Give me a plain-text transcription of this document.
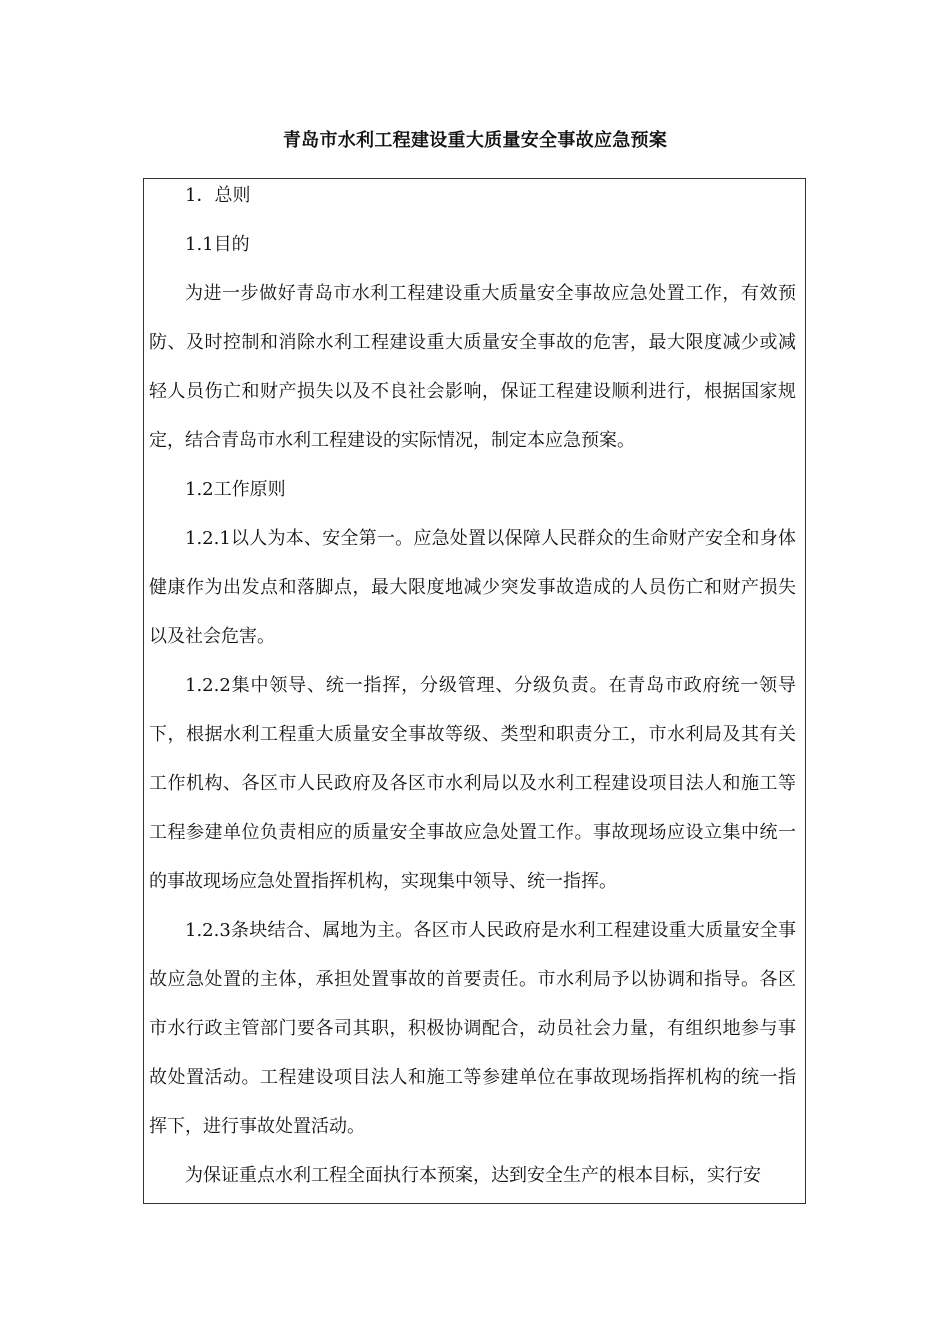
青岛市水利工程建设重大质量安全事故应急预案

1．总则

1.1目的

为进一步做好青岛市水利工程建设重大质量安全事故应急处置工作，有效预防、及时控制和消除水利工程建设重大质量安全事故的危害，最大限度减少或减轻人员伤亡和财产损失以及不良社会影响，保证工程建设顺利进行，根据国家规定，结合青岛市水利工程建设的实际情况，制定本应急预案。

1.2工作原则

1.2.1以人为本、安全第一。应急处置以保障人民群众的生命财产安全和身体健康作为出发点和落脚点，最大限度地减少突发事故造成的人员伤亡和财产损失以及社会危害。

1.2.2集中领导、统一指挥，分级管理、分级负责。在青岛市政府统一领导下，根据水利工程重大质量安全事故等级、类型和职责分工，市水利局及其有关工作机构、各区市人民政府及各区市水利局以及水利工程建设项目法人和施工等工程参建单位负责相应的质量安全事故应急处置工作。事故现场应设立集中统一的事故现场应急处置指挥机构，实现集中领导、统一指挥。

1.2.3条块结合、属地为主。各区市人民政府是水利工程建设重大质量安全事故应急处置的主体，承担处置事故的首要责任。市水利局予以协调和指导。各区市水行政主管部门要各司其职，积极协调配合，动员社会力量，有组织地参与事故处置活动。工程建设项目法人和施工等参建单位在事故现场指挥机构的统一指挥下，进行事故处置活动。

为保证重点水利工程全面执行本预案，达到安全生产的根本目标，实行安
